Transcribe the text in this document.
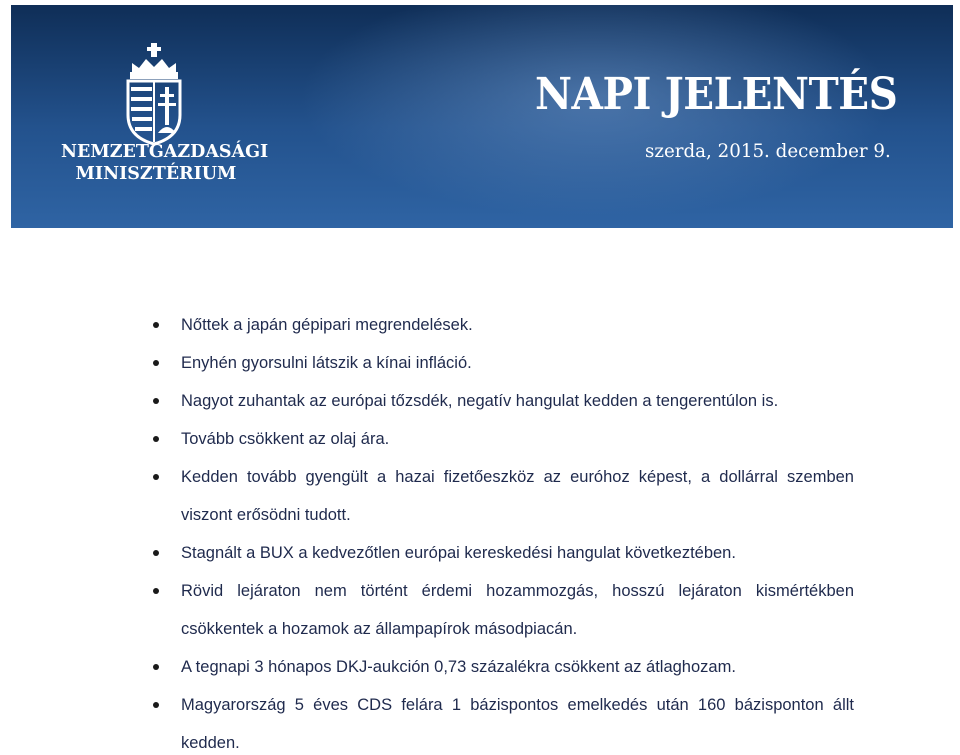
NEMZETGAZDASÁGI
MINISZTÉRIUM
NAPI JELENTÉS
szerda, 2015. december 9.
Nőttek a japán gépipari megrendelések.
Enyhén gyorsulni látszik a kínai infláció.
Nagyot zuhantak az európai tőzsdék, negatív hangulat kedden a tengerentúlon is.
Tovább csökkent az olaj ára.
Kedden tovább gyengült a hazai fizetőeszköz az euróhoz képest, a dollárral szemben viszont erősödni tudott.
Stagnált a BUX a kedvezőtlen európai kereskedési hangulat következtében.
Rövid lejáraton nem történt érdemi hozammozgás, hosszú lejáraton kismértékben csökkentek a hozamok az állampapírok másodpiacán.
A tegnapi 3 hónapos DKJ-aukción 0,73 százalékra csökkent az átlaghozam.
Magyarország 5 éves CDS felára 1 bázispontos emelkedés után 160 bázisponton állt kedden.
